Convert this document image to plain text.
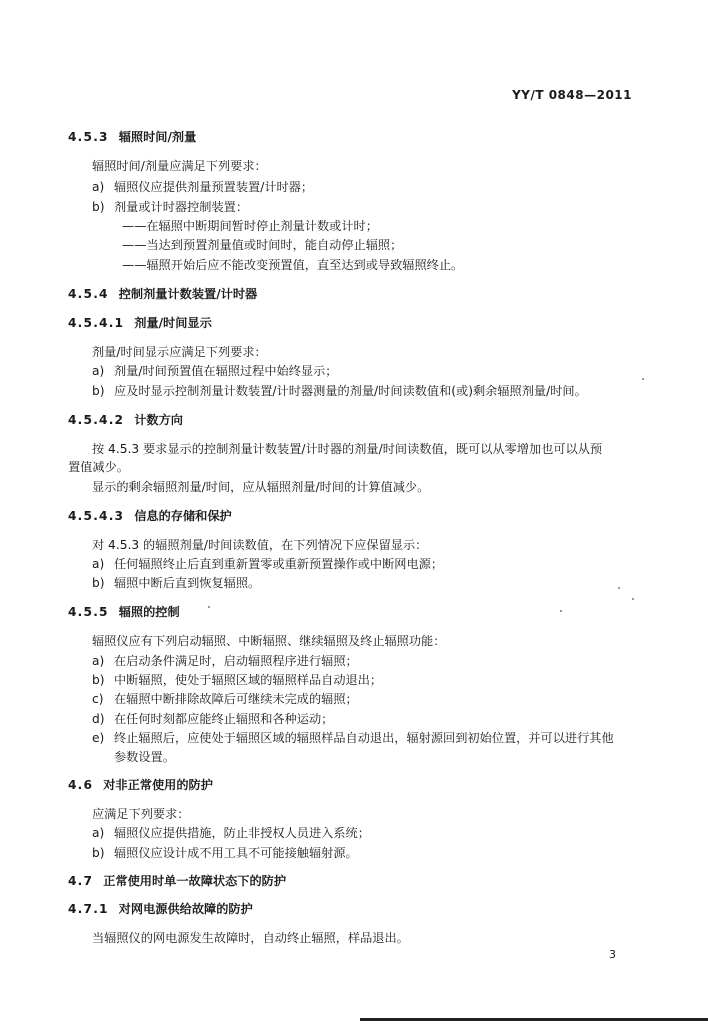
YY/T 0848—2011
4.5.3 辐照时间/剂量
辐照时间/剂量应满足下列要求：
a) 辐照仪应提供剂量预置装置/计时器；
b) 剂量或计时器控制装置：
——在辐照中断期间暂时停止剂量计数或计时；
——当达到预置剂量值或时间时，能自动停止辐照；
——辐照开始后应不能改变预置值，直至达到或导致辐照终止。
4.5.4 控制剂量计数装置/计时器
4.5.4.1 剂量/时间显示
剂量/时间显示应满足下列要求：
a) 剂量/时间预置值在辐照过程中始终显示；
b) 应及时显示控制剂量计数装置/计时器测量的剂量/时间读数值和(或)剩余辐照剂量/时间。
4.5.4.2 计数方向
按 4.5.3 要求显示的控制剂量计数装置/计时器的剂量/时间读数值，既可以从零增加也可以从预
置值减少。
显示的剩余辐照剂量/时间，应从辐照剂量/时间的计算值减少。
4.5.4.3 信息的存储和保护
对 4.5.3 的辐照剂量/时间读数值，在下列情况下应保留显示：
a) 任何辐照终止后直到重新置零或重新预置操作或中断网电源；
b) 辐照中断后直到恢复辐照。
4.5.5 辐照的控制
辐照仪应有下列启动辐照、中断辐照、继续辐照及终止辐照功能：
a) 在启动条件满足时，启动辐照程序进行辐照；
b) 中断辐照，使处于辐照区域的辐照样品自动退出；
c) 在辐照中断排除故障后可继续未完成的辐照；
d) 在任何时刻都应能终止辐照和各种运动；
e) 终止辐照后，应使处于辐照区域的辐照样品自动退出，辐射源回到初始位置，并可以进行其他
参数设置。
4.6 对非正常使用的防护
应满足下列要求：
a) 辐照仪应提供措施，防止非授权人员进入系统；
b) 辐照仪应设计成不用工具不可能接触辐射源。
4.7 正常使用时单一故障状态下的防护
4.7.1 对网电源供给故障的防护
当辐照仪的网电源发生故障时，自动终止辐照，样品退出。
3
